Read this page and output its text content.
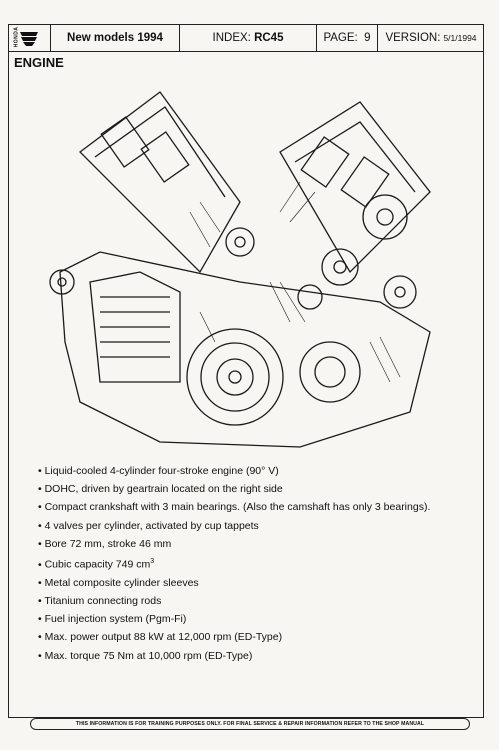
HONDA	New models 1994	INDEX:
RC45	PAGE:
9 VERSION: 5/1/1994
ENGINE
• Liquid-cooled 4-cylinder four-stroke engine (90° V)
• DOHC, driven by geartrain located on the right side
• Compact crankshaft with 3 main bearings. (Also the camshaft has only 3 bearings).
• 4 valves per cylinder, activated by cup tappets
• Bore 72 mm, stroke 46 mm
• Cubic capacity 749 $cm^3$
• Metal composite cylinder sleeves
• Titanium connecting rods
• Fuel injection system (Pgm-Fi)
• Max. power output 88 kW at 12,000 rpm (ED-Type)
• Max. torque 75 Nm at 10,000 rpm (ED-Type)
THIS INFORMATION IS FOR TRAINING PURPOSES ONLY. FOR FINAL SERVICE & REPAIR INFORMATION REFER TO THE SHOP MANUAL
